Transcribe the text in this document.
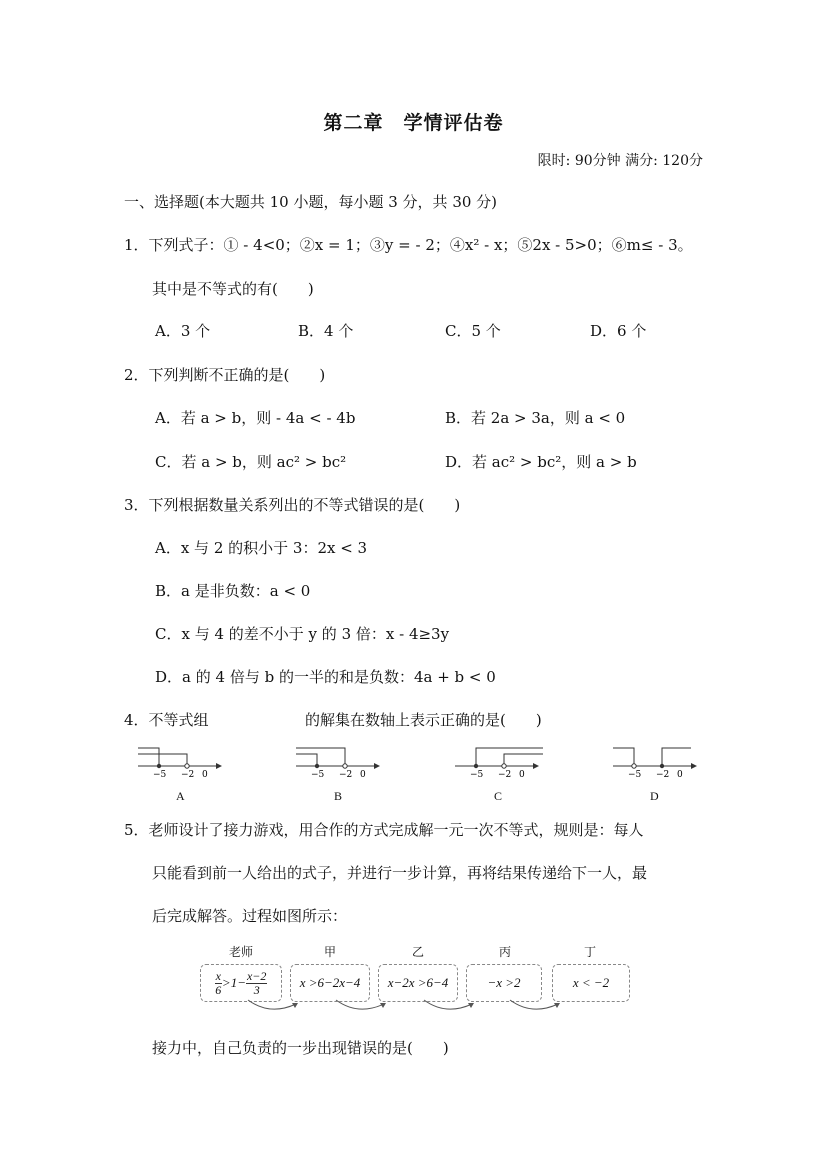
第二章　学情评估卷
限时: 90分钟 满分: 120分
一、选择题(本大题共 10 小题，每小题 3 分，共 30 分)
1．下列式子：① - 4<0；②x = 1；③y = - 2；④x² - x；⑤2x - 5>0；⑥m≤ - 3。
其中是不等式的有(　　)
A．3 个	B．4 个	C．5 个	D．6 个
2．下列判断不正确的是(　　)
A．若 a > b，则 - 4a < - 4b	B．若 2a > 3a，则 a < 0
C．若 a > b，则 ac² > bc²	D．若 ac² > bc²，则 a > b
3．下列根据数量关系列出的不等式错误的是(　　)
A．x 与 2 的积小于 3：2x < 3
B．a 是非负数：a < 0
C．x 与 4 的差不小于 y 的 3 倍：x - 4≥3y
D．a 的 4 倍与 b 的一半的和是负数：4a + b < 0
4．不等式组	的解集在数轴上表示正确的是(　　)
−5 −2 0
A
−5 −2 0
B
−5 −2 0
C
−5 −2 0
D
5．老师设计了接力游戏，用合作的方式完成解一元一次不等式，规则是：每人
只能看到前一人给出的式子，并进行一步计算，再将结果传递给下一人，最
后完成解答。过程如图所示：
老师	甲	乙	丙	丁
$\frac{x}{6} >1- \frac{x-2}{3}$	x >6−2x−4	x−2x >6−4	−x >2	x < −2
接力中，自己负责的一步出现错误的是(　　)
